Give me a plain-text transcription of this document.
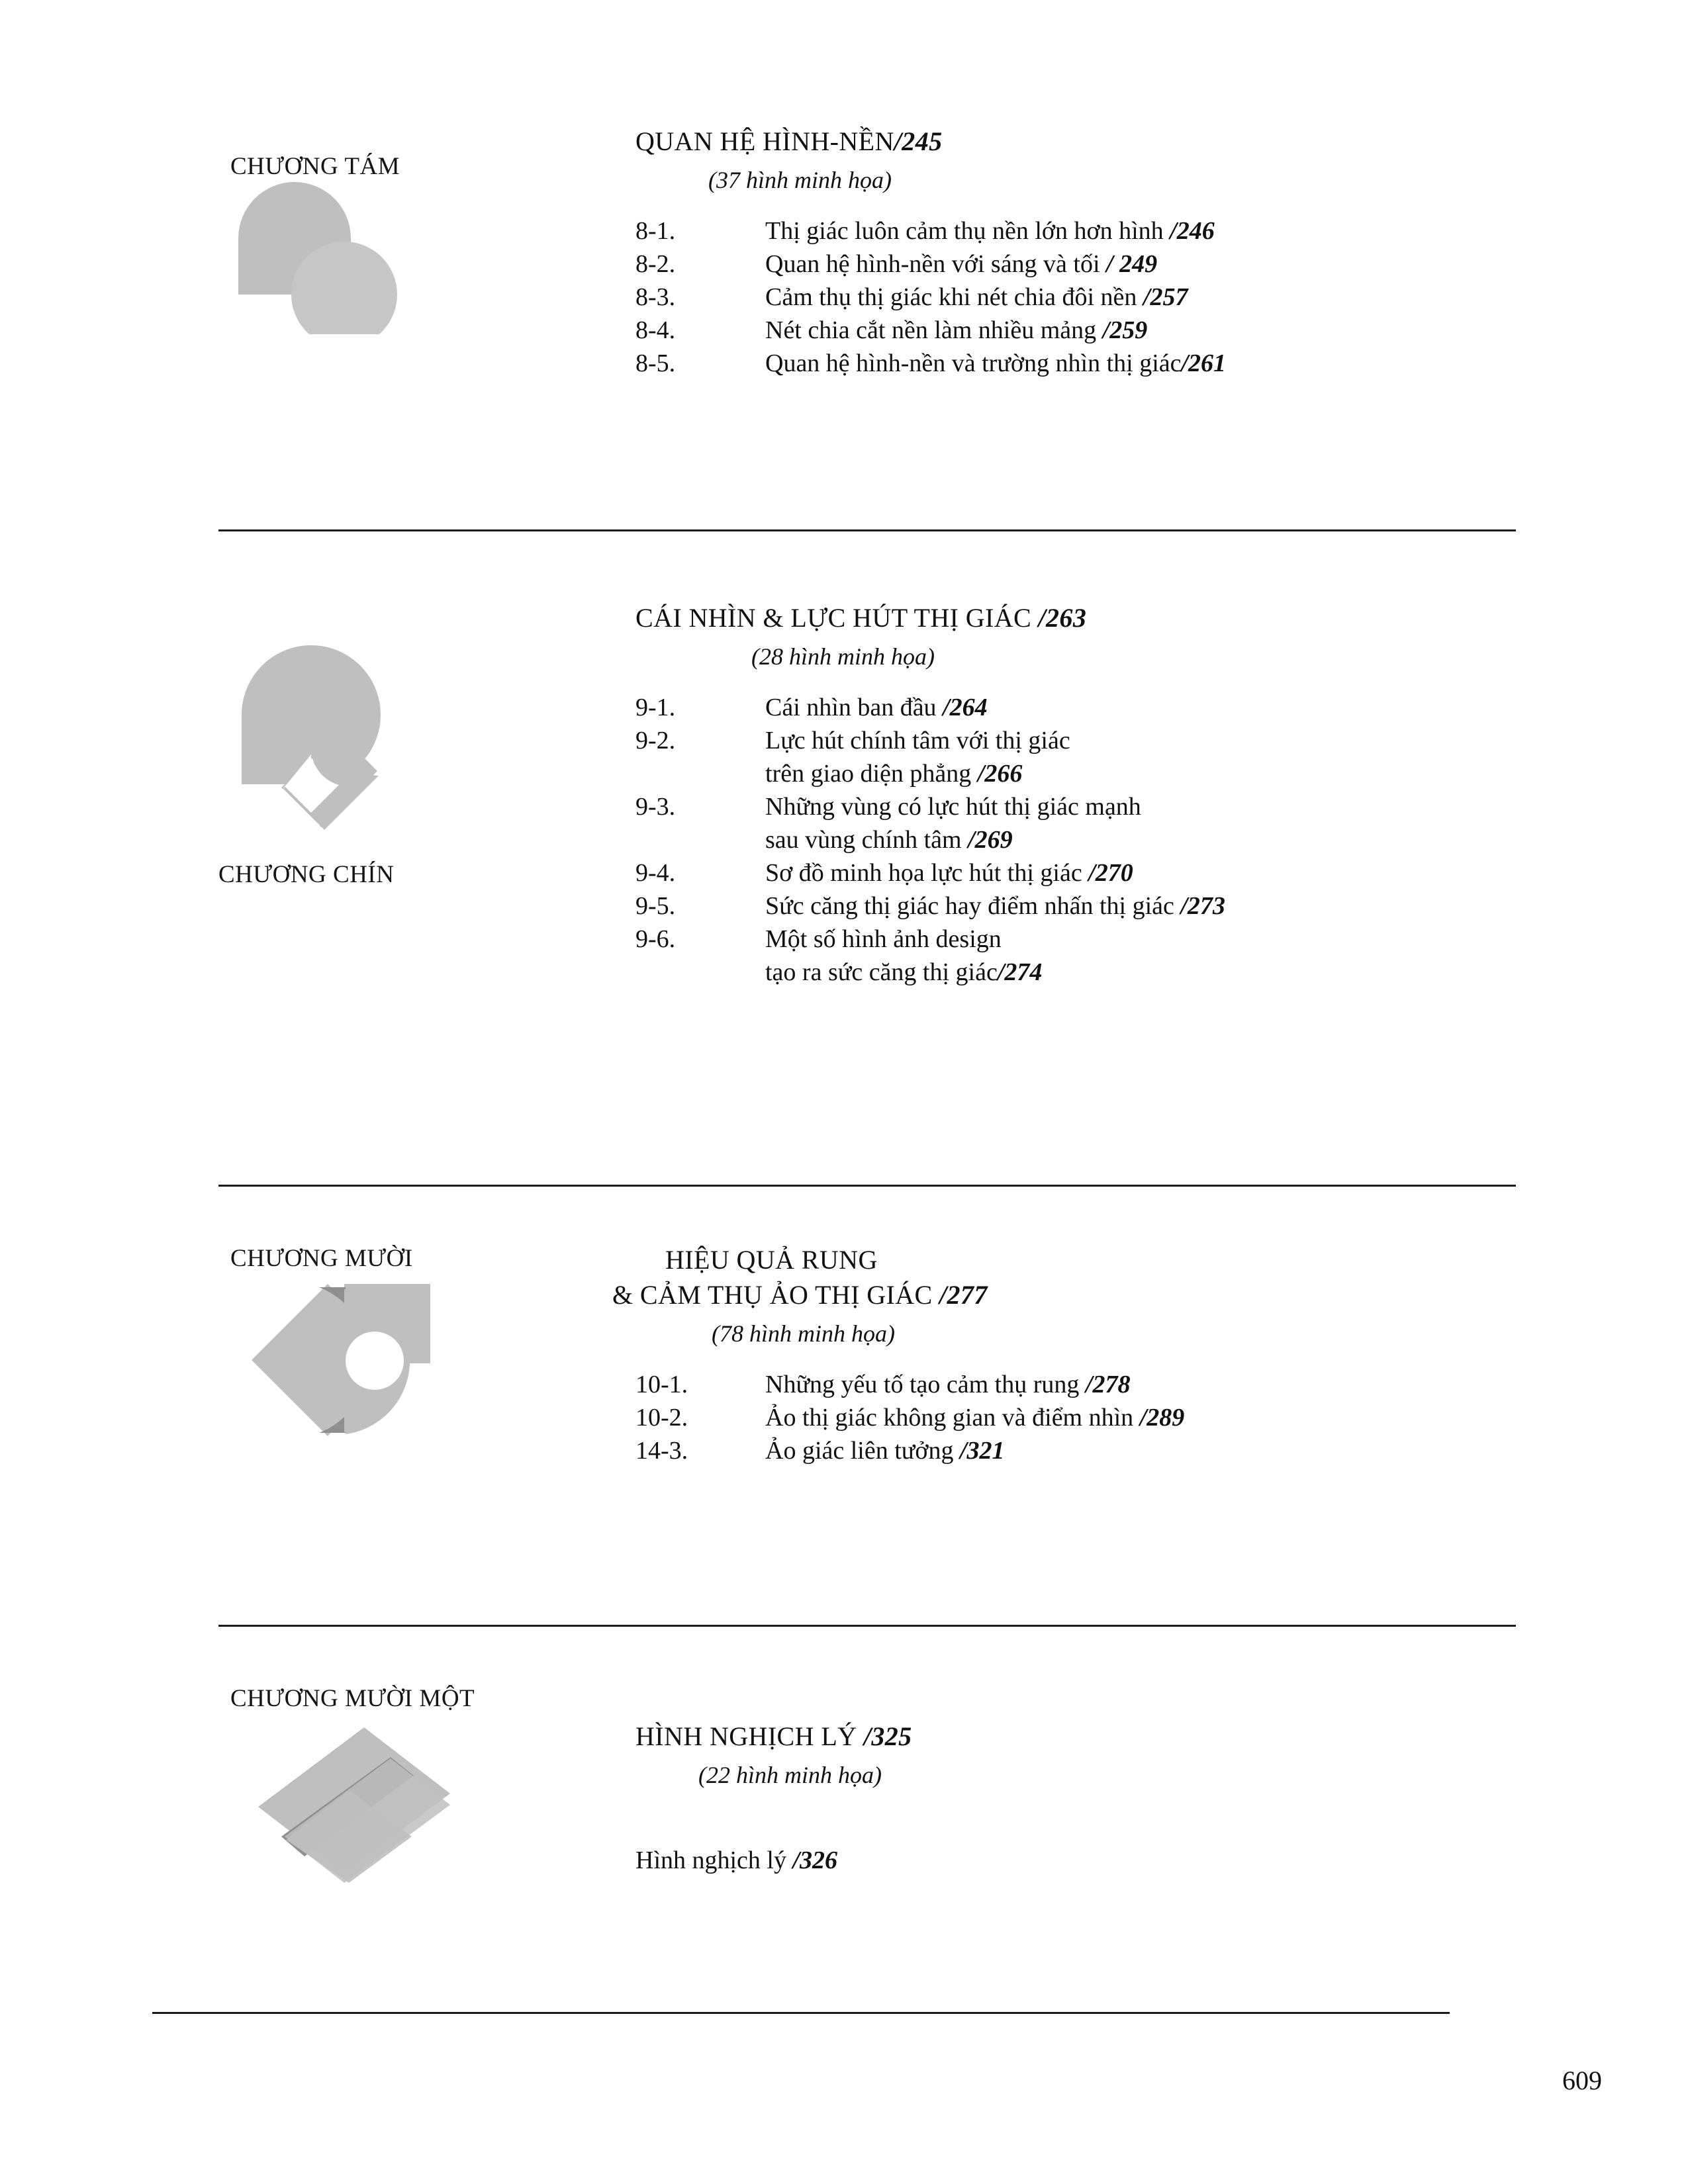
CHƯƠNG TÁM
QUAN HỆ HÌNH-NỀN/245
(37 hình minh họa)
8-1.	Thị giác luôn cảm thụ nền lớn hơn hình /246
8-2.	Quan hệ hình-nền với sáng và tối / 249
8-3.	Cảm thụ thị giác khi nét chia đôi nền /257
8-4.	Nét chia cắt nền làm nhiều mảng /259
8-5.	Quan hệ hình-nền và trường nhìn thị giác/261
CHƯƠNG CHÍN
CÁI NHÌN & LỰC HÚT THỊ GIÁC /263
(28 hình minh họa)
9-1.	Cái nhìn ban đầu /264
9-2.	Lực hút chính tâm với thị giác
trên giao diện phẳng /266
9-3.	Những vùng có lực hút thị giác mạnh
sau vùng chính tâm /269
9-4.	Sơ đồ minh họa lực hút thị giác /270
9-5.	Sức căng thị giác hay điểm nhấn thị giác /273
9-6.	Một số hình ảnh design
tạo ra sức căng thị giác/274
CHƯƠNG MƯỜI	HIỆU QUẢ RUNG
& CẢM THỤ ẢO THỊ GIÁC /277
(78 hình minh họa)
10-1.	Những yếu tố tạo cảm thụ rung /278
10-2.	Ảo thị giác không gian và điểm nhìn /289
14-3.	Ảo giác liên tưởng /321
CHƯƠNG MƯỜI MỘT
HÌNH NGHỊCH LÝ /325
(22 hình minh họa)
Hình nghịch lý /326
609
